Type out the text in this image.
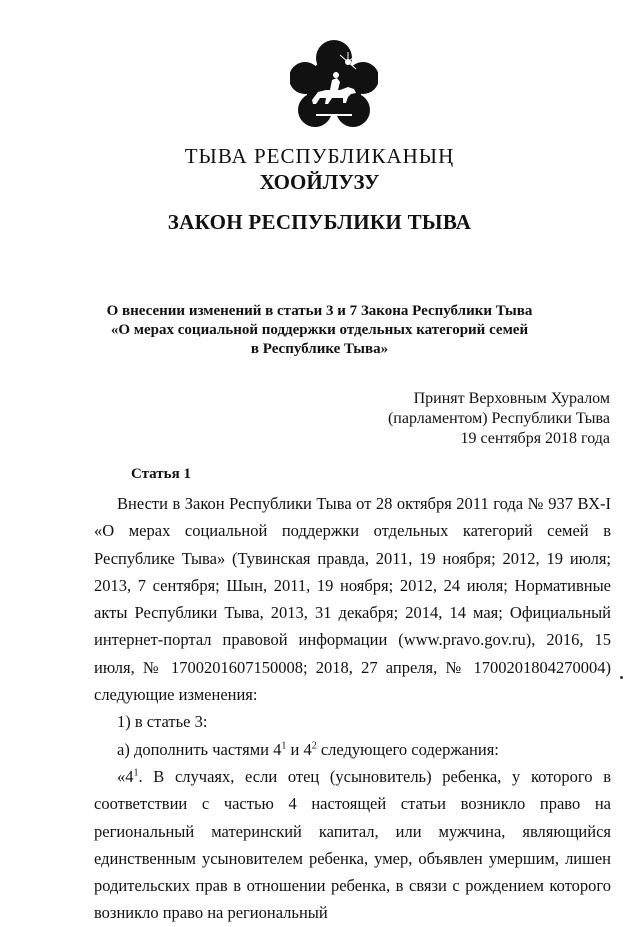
ТЫВА РЕСПУБЛИКАНЫҢ
ХООЙЛУЗУ
ЗАКОН РЕСПУБЛИКИ ТЫВА
О внесении изменений в статьи 3 и 7 Закона Республики Тыва
«О мерах социальной поддержки отдельных категорий семей
в Республике Тыва»
Принят Верховным Хуралом
(парламентом) Республики Тыва
19 сентября 2018 года
Статья 1

Внести в Закон Республики Тыва от 28 октября 2011 года № 937 ВХ-I «О мерах социальной поддержки отдельных категорий семей в Республике Тыва» (Тувинская правда, 2011, 19 ноября; 2012, 19 июля; 2013, 7 сентября; Шын, 2011, 19 ноября; 2012, 24 июля; Нормативные акты Республики Тыва, 2013, 31 декабря; 2014, 14 мая; Официальный интернет-портал правовой информации (www.pravo.gov.ru), 2016, 15 июля, № 1700201607150008; 2018, 27 апреля, № 1700201804270004) следующие изменения:

1) в статье 3:

а) дополнить частями $4^1$ и $4^2$ следующего содержания:

«$4^1$. В случаях, если отец (усыновитель) ребенка, у которого в соответствии с частью 4 настоящей статьи возникло право на региональный материнский капитал, или мужчина, являющийся единственным усыновителем ребенка, умер, объявлен умершим, лишен родительских прав в отношении ребенка, в связи с рождением которого возникло право на региональный
